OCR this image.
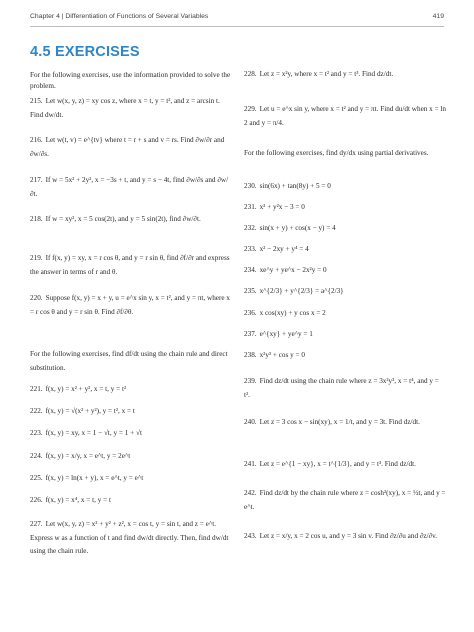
Chapter 4 | Differentiation of Functions of Several Variables	419
4.5 EXERCISES
For the following exercises, use the information provided to solve the problem.
215. Let w(x, y, z) = xy cos z, where x = t, y = t², and z = arcsin t. Find dw/dt.
216. Let w(t, v) = e^{tv} where t = r + s and v = rs. Find ∂w/∂r and ∂w/∂s.
217. If w = 5x² + 2y², x = −3s + t, and y = s − 4t, find ∂w/∂s and ∂w/∂t.
218. If w = xy², x = 5 cos(2t), and y = 5 sin(2t), find ∂w/∂t.
219. If f(x, y) = xy, x = r cos θ, and y = r sin θ, find ∂f/∂r and express the answer in terms of r and θ.
220. Suppose f(x, y) = x + y, u = e^x sin y, x = t², and y = πt, where x = r cos θ and y = r sin θ. Find ∂f/∂θ.
For the following exercises, find df/dt using the chain rule and direct substitution.
221. f(x, y) = x² + y², x = t, y = t²
222. f(x, y) = √(x² + y²), y = t², x = t
223. f(x, y) = xy, x = 1 − √t, y = 1 + √t
224. f(x, y) = x/y, x = e^t, y = 2e^t
225. f(x, y) = ln(x + y), x = e^t, y = e^t
226. f(x, y) = x⁴, x = t, y = t
227. Let w(x, y, z) = x² + y² + z², x = cos t, y = sin t, and z = e^t. Express w as a function of t and find dw/dt directly. Then, find dw/dt using the chain rule.
228. Let z = x²y, where x = t² and y = t³. Find dz/dt.
229. Let u = e^x sin y, where x = t² and y = πt. Find du/dt when x = ln 2 and y = π/4.
For the following exercises, find dy/dx using partial derivatives.
230. sin(6x) + tan(8y) + 5 = 0
231. x³ + y²x − 3 = 0
232. sin(x + y) + cos(x − y) = 4
233. x² − 2xy + y⁴ = 4
234. xe^y + ye^x − 2x²y = 0
235. x^{2/3} + y^{2/3} = a^{2/3}
236. x cos(xy) + y cos x = 2
237. e^{xy} + ye^y = 1
238. x²y³ + cos y = 0
239. Find dz/dt using the chain rule where z = 3x²y³, x = t⁴, and y = t².
240. Let z = 3 cos x − sin(xy), x = 1/t, and y = 3t. Find dz/dt.
241. Let z = e^{1 − xy}, x = t^{1/3}, and y = t³. Find dz/dt.
242. Find dz/dt by the chain rule where z = cosh²(xy), x = ½t, and y = e^t.
243. Let z = x/y, x = 2 cos u, and y = 3 sin v. Find ∂z/∂u and ∂z/∂v.
